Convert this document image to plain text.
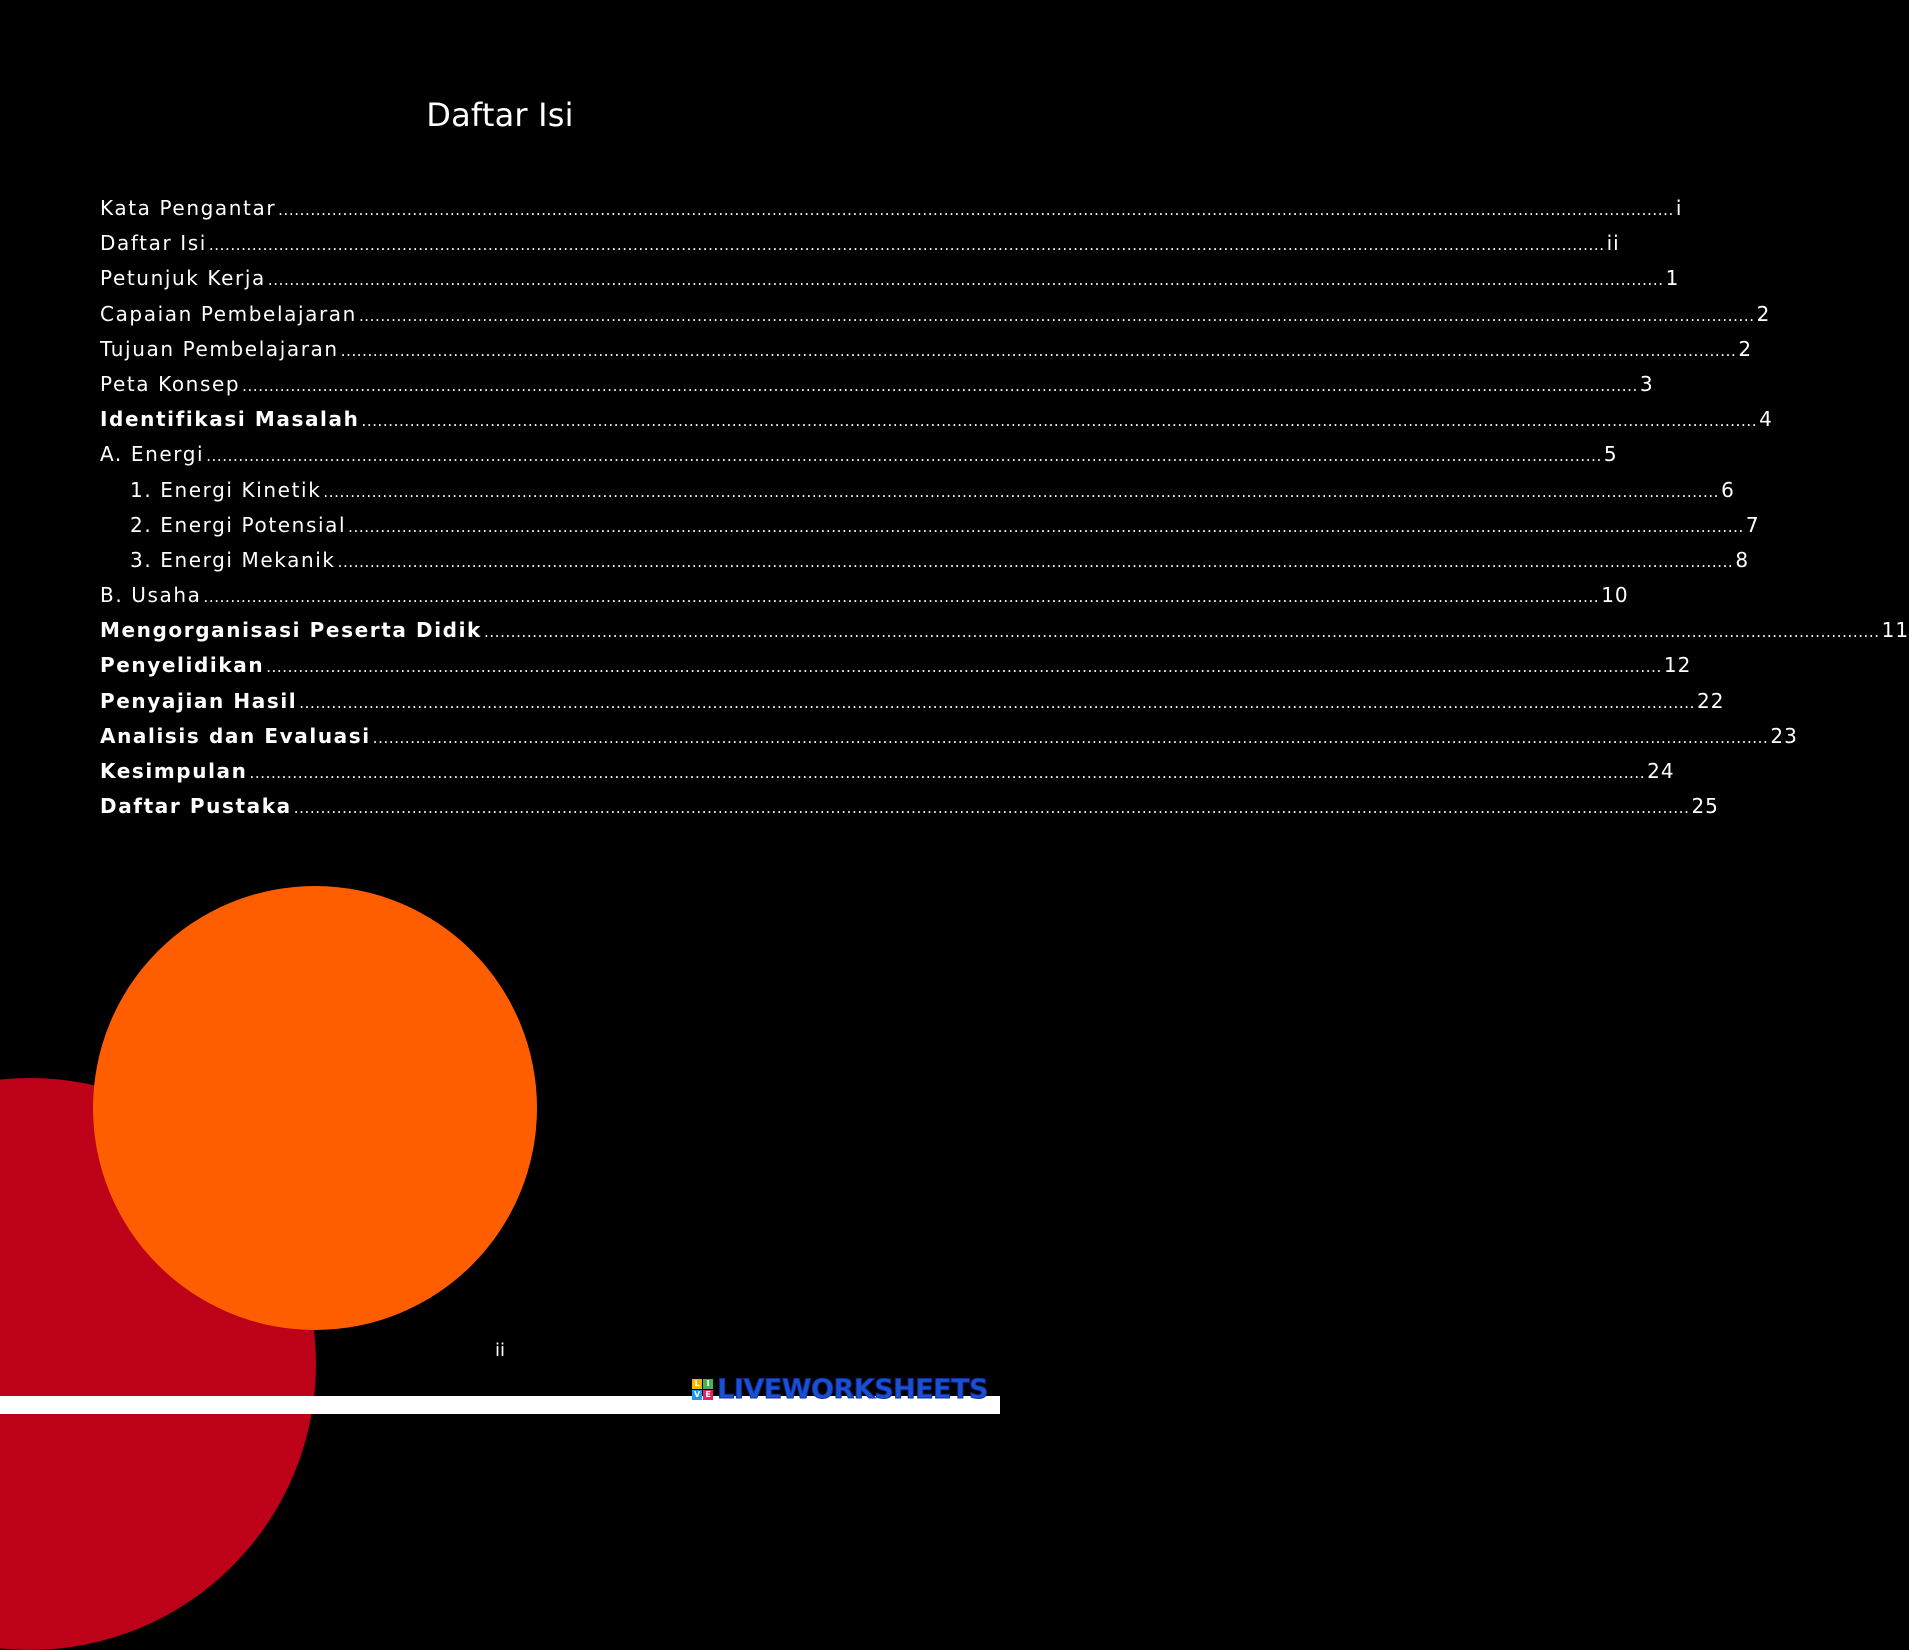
Daftar Isi
Kata Pengantar .................................................................................................................................................................................................................................................................... i
Daftar Isi .................................................................................................................................................................................................................................................................... ii
Petunjuk Kerja .................................................................................................................................................................................................................................................................... 1
Capaian Pembelajaran .................................................................................................................................................................................................................................................................... 2
Tujuan Pembelajaran .................................................................................................................................................................................................................................................................... 2
Peta Konsep .................................................................................................................................................................................................................................................................... 3
Identifikasi Masalah .................................................................................................................................................................................................................................................................... 4
A. Energi .................................................................................................................................................................................................................................................................... 5
1. Energi Kinetik .................................................................................................................................................................................................................................................................... 6
2. Energi Potensial .................................................................................................................................................................................................................................................................... 7
3. Energi Mekanik .................................................................................................................................................................................................................................................................... 8
B. Usaha .................................................................................................................................................................................................................................................................... 10
Mengorganisasi Peserta Didik .................................................................................................................................................................................................................................................................... 11
Penyelidikan .................................................................................................................................................................................................................................................................... 12
Penyajian Hasil .................................................................................................................................................................................................................................................................... 22
Analisis dan Evaluasi .................................................................................................................................................................................................................................................................... 23
Kesimpulan .................................................................................................................................................................................................................................................................... 24
Daftar Pustaka .................................................................................................................................................................................................................................................................... 25
ii
L I
V E LIVEWORKSHEETS
